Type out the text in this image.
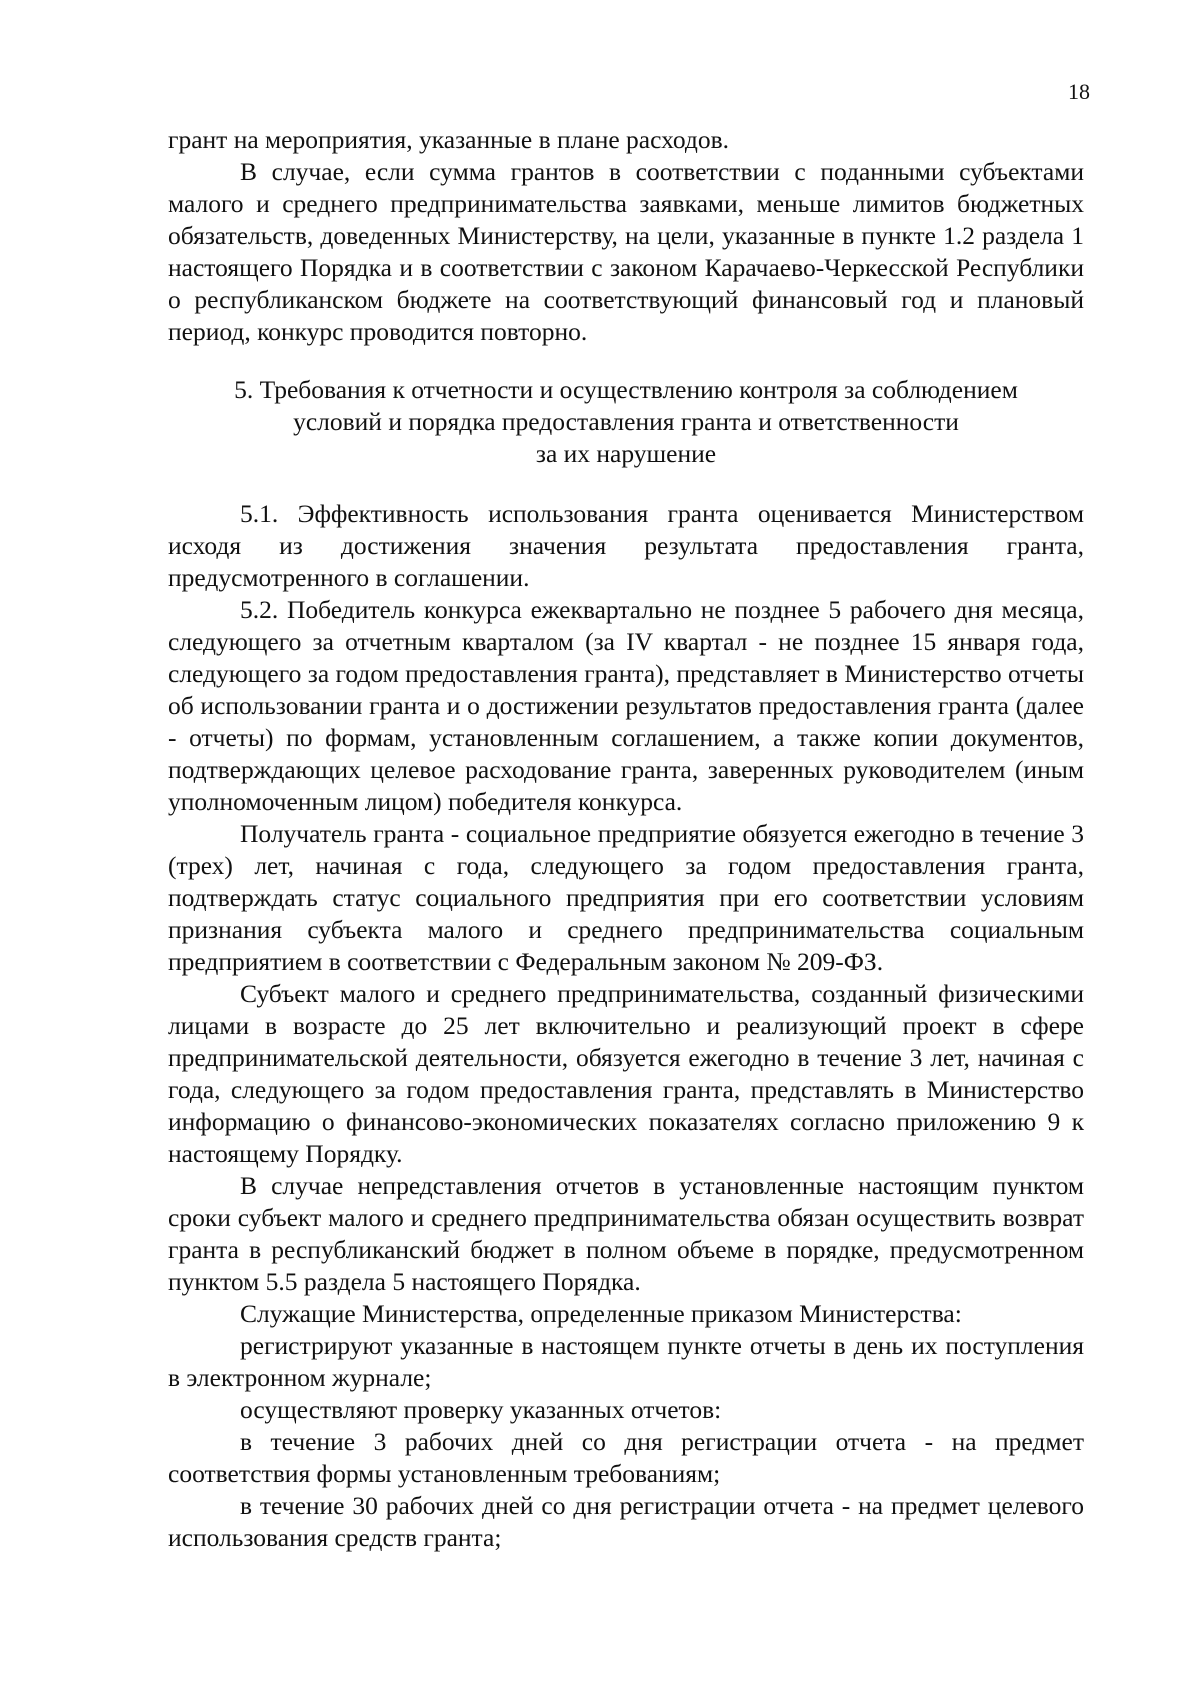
18

грант на мероприятия, указанные в плане расходов.

В случае, если сумма грантов в соответствии с поданными субъектами малого и среднего предпринимательства заявками, меньше лимитов бюджетных обязательств, доведенных Министерству, на цели, указанные в пункте 1.2 раздела 1 настоящего Порядка и в соответствии с законом Карачаево-Черкесской Республики о республиканском бюджете на соответствующий финансовый год и плановый период, конкурс проводится повторно.

5. Требования к отчетности и осуществлению контроля за соблюдением
условий и порядка предоставления гранта и ответственности
за их нарушение

5.1. Эффективность использования гранта оценивается Министерством исходя из достижения значения результата предоставления гранта, предусмотренного в соглашении.

5.2. Победитель конкурса ежеквартально не позднее 5 рабочего дня месяца, следующего за отчетным кварталом (за IV квартал - не позднее 15 января года, следующего за годом предоставления гранта), представляет в Министерство отчеты об использовании гранта и о достижении результатов предоставления гранта (далее - отчеты) по формам, установленным соглашением, а также копии документов, подтверждающих целевое расходование гранта, заверенных руководителем (иным уполномоченным лицом) победителя конкурса.

Получатель гранта - социальное предприятие обязуется ежегодно в течение 3 (трех) лет, начиная с года, следующего за годом предоставления гранта, подтверждать статус социального предприятия при его соответствии условиям признания субъекта малого и среднего предпринимательства социальным предприятием в соответствии с Федеральным законом № 209-ФЗ.

Субъект малого и среднего предпринимательства, созданный физическими лицами в возрасте до 25 лет включительно и реализующий проект в сфере предпринимательской деятельности, обязуется ежегодно в течение 3 лет, начиная с года, следующего за годом предоставления гранта, представлять в Министерство информацию о финансово-экономических показателях согласно приложению 9 к настоящему Порядку.

В случае непредставления отчетов в установленные настоящим пунктом сроки субъект малого и среднего предпринимательства обязан осуществить возврат гранта в республиканский бюджет в полном объеме в порядке, предусмотренном пунктом 5.5 раздела 5 настоящего Порядка.

Служащие Министерства, определенные приказом Министерства:

регистрируют указанные в настоящем пункте отчеты в день их поступления в электронном журнале;

осуществляют проверку указанных отчетов:

в течение 3 рабочих дней со дня регистрации отчета - на предмет соответствия формы установленным требованиям;

в течение 30 рабочих дней со дня регистрации отчета - на предмет целевого использования средств гранта;
